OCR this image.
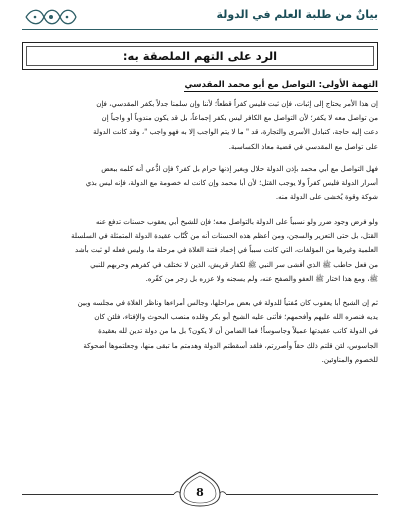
بيانٌ من طلبة العلم في الدولة
الرد على التهم الملصقة به:
التهمة الأولى: التواصل مع أبو محمد المقدسي
إن هذا الأمر يحتاج إلى إثبات، فإن ثبت فليس كفراً قطعاً؛ لأننا وإن سلمنا جدلاً بكفر المقدسي، فإن
من تواصل معه لا يكفر؛ لأن التواصل مع الكافر ليس بكفر إجماعاً، بل قد يكون مندوباً أو واجباً إن
دعت إليه حاجة، كتبادل الأسرى والتجارة، قد " ما لا يتم الواجب إلا به فهو واجب "، وقد كانت الدولة
على تواصل مع المقدسي في قضية معاذ الكساسبة.
فهل التواصل مع أبي محمد بإذن الدولة حلال وبغير إذنها حرام بل كفر؟ فإن ادُّعي أنه كلمه ببعض
أسرار الدولة فليس كفراً ولا يوجب القتل؛ لأن أبا محمد وإن كانت له خصومة مع الدولة، فإنه ليس بذي
شوكة وقوة يُخشى على الدولة منه.
ولو فرض وجود ضرر ولو نسبياً على الدولة بالتواصل معه؛ فإن للشيخ أبي يعقوب حسنات تدفع عنه
القتل، بل حتى التعزير والسجن، ومن أعظم هذه الحسنات أنه من كُتّاب عقيدة الدولة المتمثلة في السلسلة
العلمية وغيرها من المؤلفات، التي كانت سبباً في إخماد فتنة الغلاة في مرحلة ما، وليس فعله لو ثبت بأشد
من فعل حاطب ﷺ الذي أفشى سر النبي ﷺ لكفار قريش، الذين لا نختلف في كفرهم وحربهم للنبي
ﷺ، ومع هذا اختار ﷺ العفو والصفح عنه، ولم يسجنه ولا عزره بل زجر من كفّره.
ثم إن الشيخ أبا يعقوب كان مُفتياً للدولة في بعض مراحلها، وجالس أمراءها وناظر الغلاة في مجلسه وبين
يديه فنصره الله عليهم وأفحمهم؛ فأثنى عليه الشيخ أبو بكر وقلده منصب البحوث والإفتاء، فلئن كان
في الدولة كاتب عقيدتها عميلاً وجاسوساً! فما الضامن أن لا يكون؟ بل ما من دولة تدين لله بعقيدة
الجاسوس، لئن قلتم ذلك حقاً وأصررتم، فلقد أسقطتم الدولة وهدمتم ما تبقى منها، وجعلتموها أضحوكة
للخصوم والمناوئين.
8
